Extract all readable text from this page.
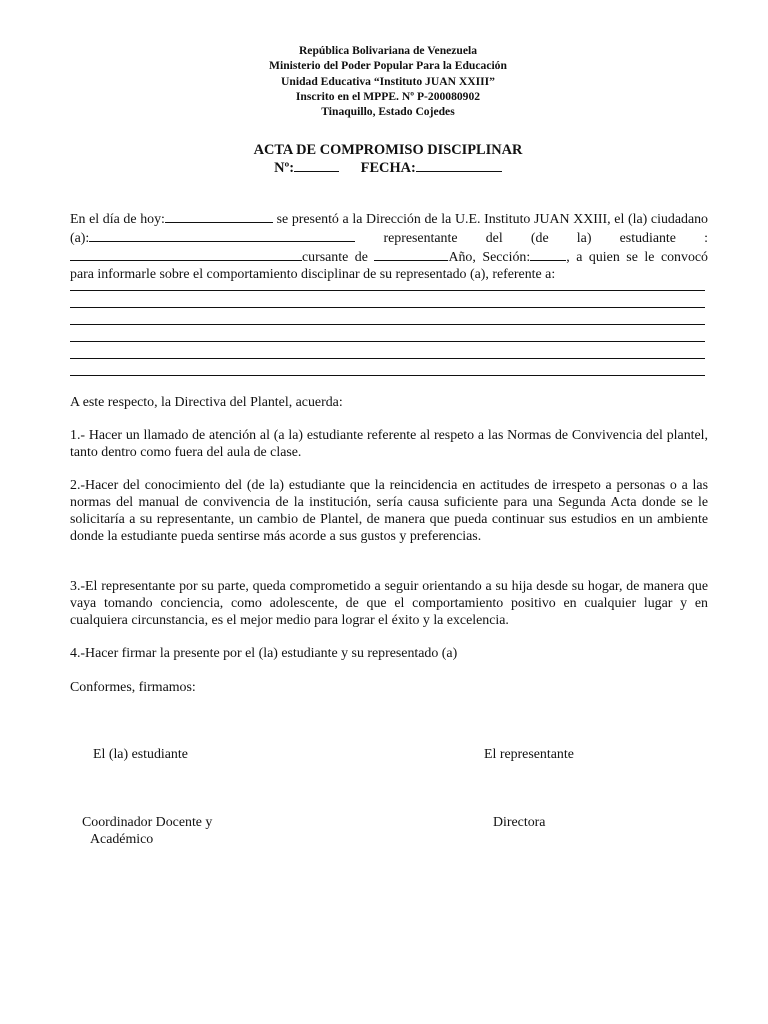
República Bolivariana de Venezuela
Ministerio del Poder Popular Para la Educación
Unidad Educativa “Instituto JUAN XXIII”
Inscrito en el MPPE. Nº P-200080902
Tinaquillo, Estado Cojedes
ACTA DE COMPROMISO DISCIPLINAR
Nº:	FECHA:
En el día de hoy:	se presentó a la Dirección de la U.E. Instituto JUAN XXIII, el (la) ciudadano (a):	representante del (de la) estudiante :cursante de	Año, Sección:	, a quien se le convocó para informarle sobre el comportamiento disciplinar de su representado (a), referente a:
A este respecto, la Directiva del Plantel, acuerda:
1.- Hacer un llamado de atención al (a la) estudiante referente al respeto a las Normas de Convivencia del plantel, tanto dentro como fuera del aula de clase.
2.-Hacer del conocimiento del (de la) estudiante que la reincidencia en actitudes de irrespeto a personas o a las normas del manual de convivencia de la institución, sería causa suficiente para una Segunda Acta donde se le solicitaría a su representante, un cambio de Plantel, de manera que pueda continuar sus estudios en un ambiente donde la estudiante pueda sentirse más acorde a sus gustos y preferencias.
3.-El representante por su parte, queda comprometido a seguir orientando a su hija desde su hogar, de manera que vaya tomando conciencia, como adolescente, de que el comportamiento positivo en cualquier lugar y en cualquiera circunstancia, es el mejor medio para lograr el éxito y la excelencia.
4.-Hacer firmar la presente por el (la) estudiante y su representado (a)
Conformes, firmamos:
El (la) estudiante	El representante
Coordinador Docente y
Académico
Directora
